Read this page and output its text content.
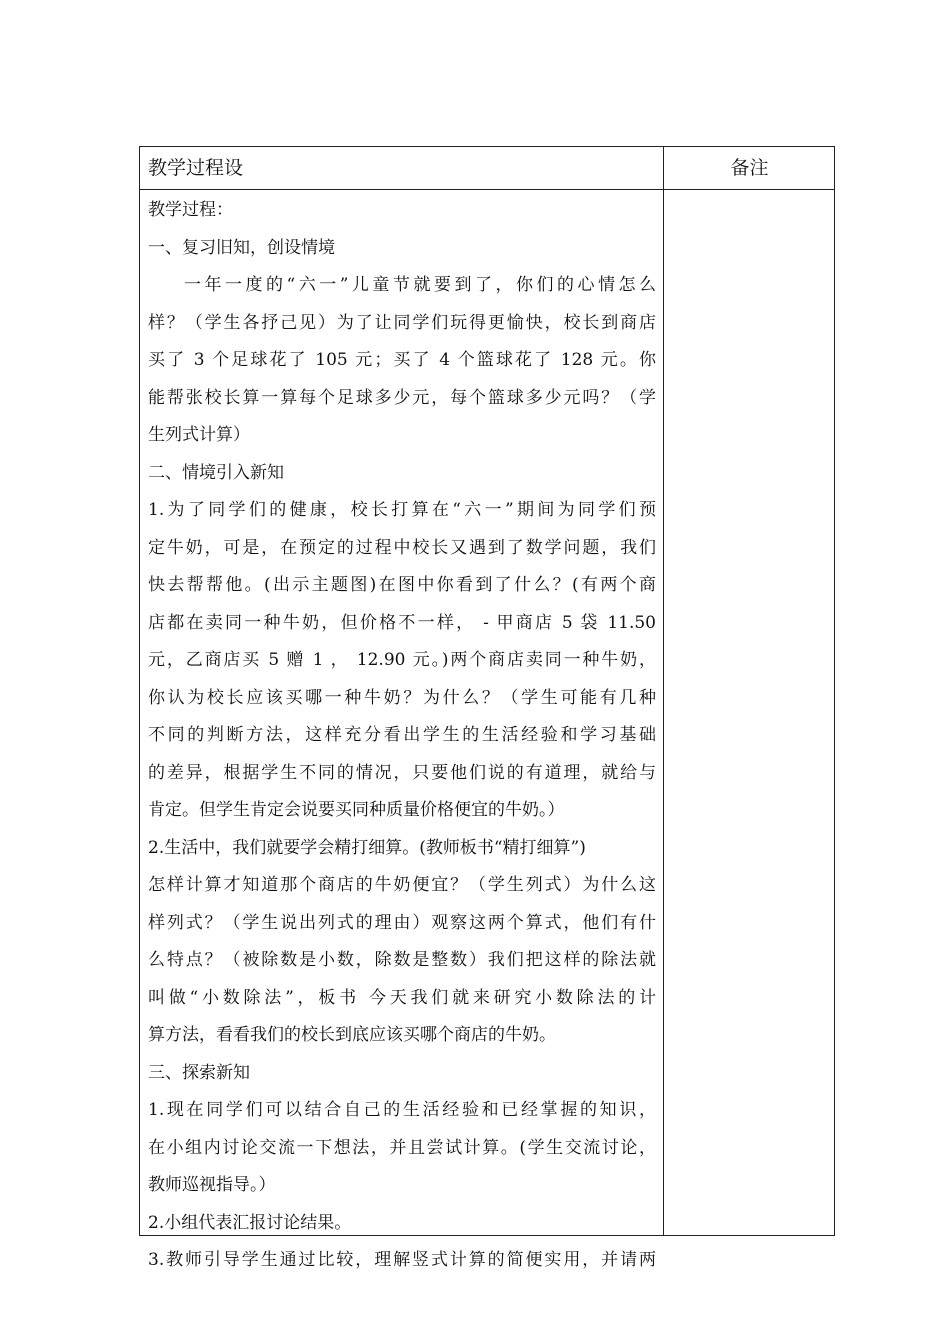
教学过程设	备注
教学过程：
一、复习旧知，创设情境
一年一度的“六一”儿童节就要到了，你们的心情怎么
样？（学生各抒己见）为了让同学们玩得更愉快，校长到商店
买了 3 个足球花了 105 元；买了 4 个篮球花了 128 元。你
能帮张校长算一算每个足球多少元，每个篮球多少元吗？（学
生列式计算）
二、情境引入新知
1.为了同学们的健康，校长打算在“六一”期间为同学们预
定牛奶，可是，在预定的过程中校长又遇到了数学问题，我们
快去帮帮他。(出示主题图)在图中你看到了什么？(有两个商
店都在卖同一种牛奶，但价格不一样， - 甲商店 5 袋 11.50
元，乙商店买 5 赠 1 ， 12.90 元。)两个商店卖同一种牛奶，
你认为校长应该买哪一种牛奶？为什么？（学生可能有几种
不同的判断方法，这样充分看出学生的生活经验和学习基础
的差异，根据学生不同的情况，只要他们说的有道理，就给与
肯定。但学生肯定会说要买同种质量价格便宜的牛奶。）
2.生活中，我们就要学会精打细算。(教师板书“精打细算”)
怎样计算才知道那个商店的牛奶便宜？（学生列式）为什么这
样列式？（学生说出列式的理由）观察这两个算式，他们有什
么特点？（被除数是小数，除数是整数）我们把这样的除法就
叫做“小数除法”，板书 今天我们就来研究小数除法的计
算方法，看看我们的校长到底应该买哪个商店的牛奶。
三、探索新知
1.现在同学们可以结合自己的生活经验和已经掌握的知识，
在小组内讨论交流一下想法，并且尝试计算。(学生交流讨论，
教师巡视指导。）
2.小组代表汇报讨论结果。
3.教师引导学生通过比较，理解竖式计算的简便实用，并请两
